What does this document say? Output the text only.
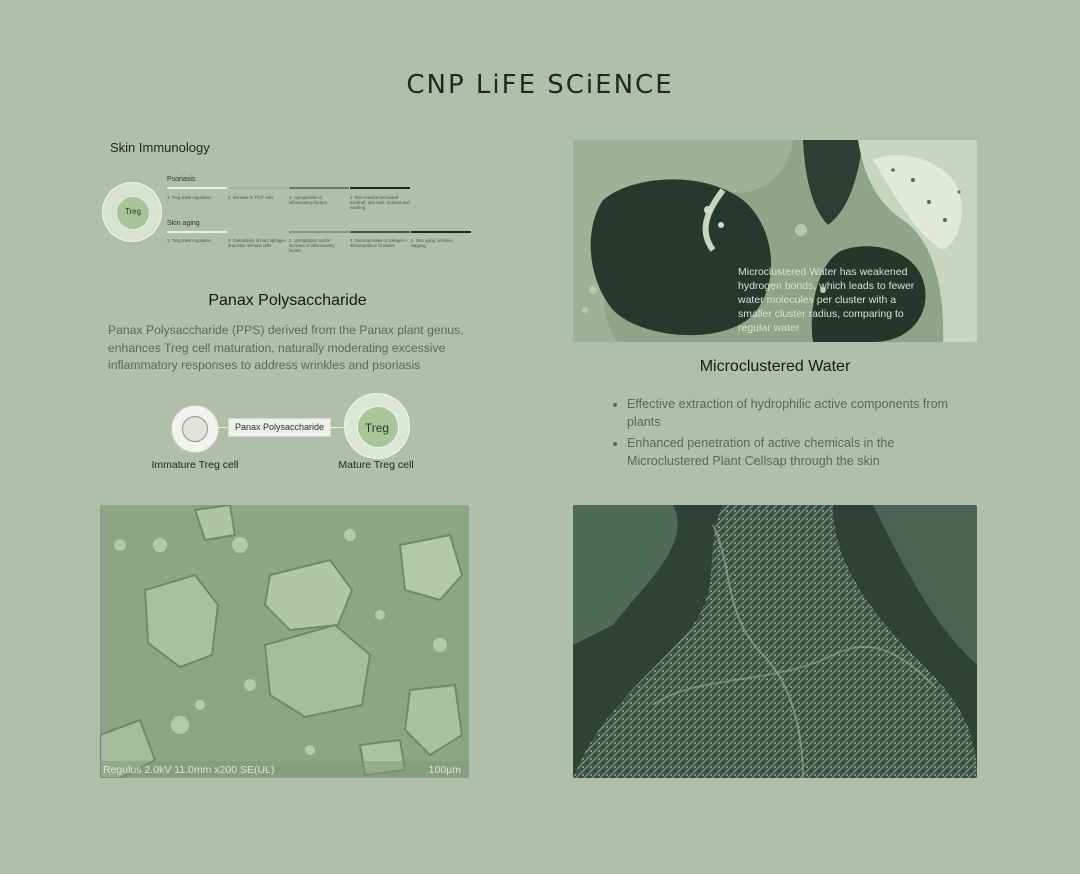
CNP LiFE SCiENCE
Skin Immunology
Treg
Psoriasis
1. Treg down regulation	2. Increase in Th17 cells	3. Upregulation of inflammatory factors
4. Skin reaction increased dandruff, skin rash, redness and swelling
Skin aging
1. Treg down regulation	2. Overactivity of macrophages and other immune cells
3. Upregulation and/or increase of inflammatory factors
4. Decomposition of collagen + decomposition of elastin
5. Skin aging, wrinkles, sagging
Panax Polysaccharide
Panax Polysaccharide (PPS) derived from the Panax plant genus, enhances Treg cell maturation, naturally moderating excessive inflammatory responses to address wrinkles and psoriasis
Panax Polysaccharide	Treg
Immature Treg cell	Mature Treg cell
Microclustered Water has weakened hydrogen bonds, which leads to fewer water molecules per cluster with a smaller cluster radius, comparing to regular water
Microclustered Water
• Effective extraction of hydrophilic active components from plants
• Enhanced penetration of active chemicals in the Microclustered Plant Cellsap through the skin
Regulus 2.0kV 11.0mm x200 SE(UL)	100µm
